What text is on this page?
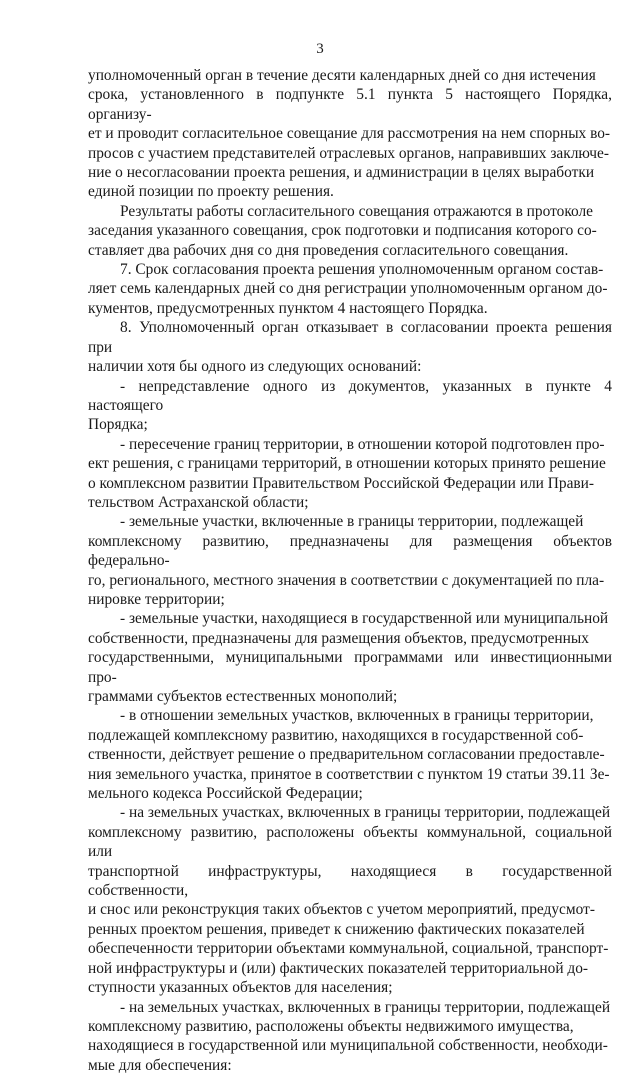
3

уполномоченный орган в течение десяти календарных дней со дня истечения
срока, установленного в подпункте 5.1 пункта 5 настоящего Порядка, организу-
ет и проводит согласительное совещание для рассмотрения на нем спорных во-
просов с участием представителей отраслевых органов, направивших заключе-
ние о несогласовании проекта решения, и администрации в целях выработки
единой позиции по проекту решения.

Результаты работы согласительного совещания отражаются в протоколе
заседания указанного совещания, срок подготовки и подписания которого со-
ставляет два рабочих дня со дня проведения согласительного совещания.

7. Срок согласования проекта решения уполномоченным органом состав-
ляет семь календарных дней со дня регистрации уполномоченным органом до-
кументов, предусмотренных пунктом 4 настоящего Порядка.

8. Уполномоченный орган отказывает в согласовании проекта решения при
наличии хотя бы одного из следующих оснований:

- непредставление одного из документов, указанных в пункте 4 настоящего
Порядка;

- пересечение границ территории, в отношении которой подготовлен про-
ект решения, с границами территорий, в отношении которых принято решение
о комплексном развитии Правительством Российской Федерации или Прави-
тельством Астраханской области;

- земельные участки, включенные в границы территории, подлежащей
комплексному развитию, предназначены для размещения объектов федерально-
го, регионального, местного значения в соответствии с документацией по пла-
нировке территории;

- земельные участки, находящиеся в государственной или муниципальной
собственности, предназначены для размещения объектов, предусмотренных
государственными, муниципальными программами или инвестиционными про-
граммами субъектов естественных монополий;

- в отношении земельных участков, включенных в границы территории,
подлежащей комплексному развитию, находящихся в государственной соб-
ственности, действует решение о предварительном согласовании предоставле-
ния земельного участка, принятое в соответствии с пунктом 19 статьи 39.11 Зе-
мельного кодекса Российской Федерации;

- на земельных участках, включенных в границы территории, подлежащей
комплексному развитию, расположены объекты коммунальной, социальной или
транспортной инфраструктуры, находящиеся в государственной собственности,
и снос или реконструкция таких объектов с учетом мероприятий, предусмот-
ренных проектом решения, приведет к снижению фактических показателей
обеспеченности территории объектами коммунальной, социальной, транспорт-
ной инфраструктуры и (или) фактических показателей территориальной до-
ступности указанных объектов для населения;

- на земельных участках, включенных в границы территории, подлежащей
комплексному развитию, расположены объекты недвижимого имущества,
находящиеся в государственной или муниципальной собственности, необходи-
мые для обеспечения:
